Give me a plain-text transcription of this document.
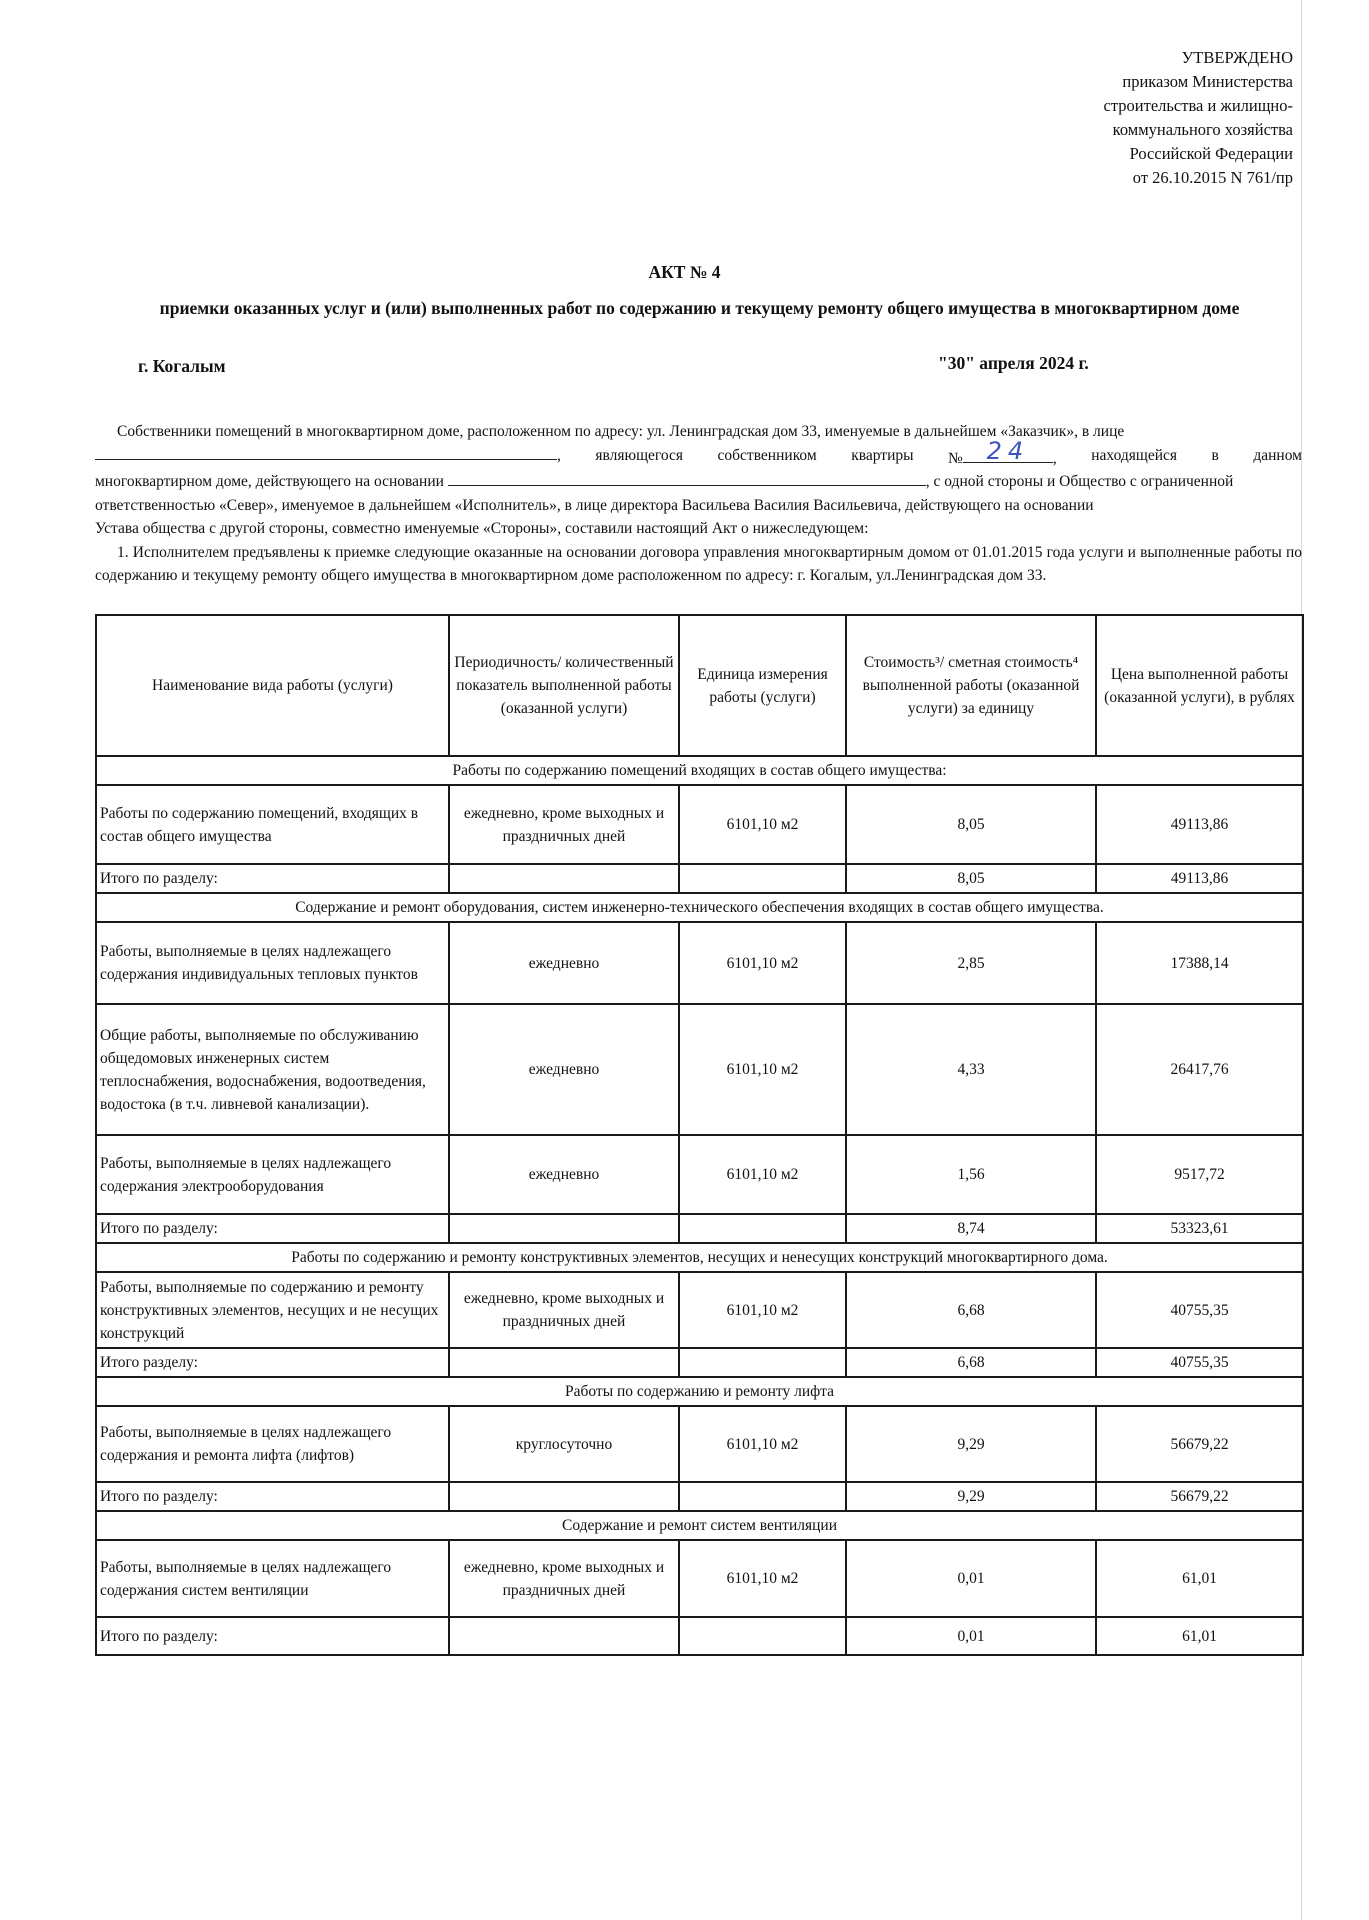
УТВЕРЖДЕНО
приказом Министерства
строительства и жилищно-
коммунального хозяйства
Российской Федерации
от 26.10.2015 N 761/пр
АКТ № 4
приемки оказанных услуг и (или) выполненных работ по содержанию и текущему ремонту общего имущества в многоквартирном доме
г. Когалым	"30" апреля 2024 г.

Собственники помещений в многоквартирном доме, расположенном по адресу: ул. Ленинградская дом 33, именуемые в дальнейшем «Заказчик», в лице

, являющегося собственником квартиры № 24 , находящейся в данном

многоквартирном доме, действующего на основании	, с одной стороны и Общество с ограниченной

ответственностью «Север», именуемое в дальнейшем «Исполнитель», в лице директора Васильева Василия Васильевича, действующего на основании

Устава общества с другой стороны, совместно именуемые «Стороны», составили настоящий Акт о нижеследующем:

1. Исполнителем предъявлены к приемке следующие оказанные на основании договора управления многоквартирным домом от 01.01.2015 года услуги и выполненные работы по содержанию и текущему ремонту общего имущества в многоквартирном доме расположенном по адресу: г. Когалым, ул.Ленинградская дом 33.

Наименование вида работы (услуги)	Периодичность/ количественный показатель выполненной работы (оказанной услуги)	Единица измерения работы (услуги)	Стоимость³/ сметная стоимость⁴ выполненной работы (оказанной услуги) за единицу	Цена выполненной работы (оказанной услуги), в рублях
Работы по содержанию помещений входящих в состав общего имущества:				
Работы по содержанию помещений, входящих в состав общего имущества	ежедневно, кроме выходных и праздничных дней	6101,10 м2	8,05	49113,86
Итого по разделу:			8,05	49113,86
Содержание и ремонт оборудования, систем инженерно-технического обеспечения входящих в состав общего имущества.				
Работы, выполняемые в целях надлежащего содержания индивидуальных тепловых пунктов	ежедневно	6101,10 м2	2,85	17388,14
Общие работы, выполняемые по обслуживанию общедомовых инженерных систем теплоснабжения, водоснабжения, водоотведения, водостока (в т.ч. ливневой канализации).	ежедневно	6101,10 м2	4,33	26417,76
Работы, выполняемые в целях надлежащего содержания электрооборудования	ежедневно	6101,10 м2	1,56	9517,72
Итого по разделу:			8,74	53323,61
Работы по содержанию и ремонту конструктивных элементов, несущих и ненесущих конструкций многоквартирного дома.				
Работы, выполняемые по содержанию и ремонту конструктивных элементов, несущих и не несущих конструкций	ежедневно, кроме выходных и праздничных дней	6101,10 м2	6,68	40755,35
Итого разделу:			6,68	40755,35
Работы по содержанию и ремонту лифта				
Работы, выполняемые в целях надлежащего содержания и ремонта лифта (лифтов)	круглосуточно	6101,10 м2	9,29	56679,22
Итого по разделу:			9,29	56679,22
Содержание и ремонт систем вентиляции				
Работы, выполняемые в целях надлежащего содержания систем вентиляции	ежедневно, кроме выходных и праздничных дней	6101,10 м2	0,01	61,01
Итого по разделу:			0,01	61,01
